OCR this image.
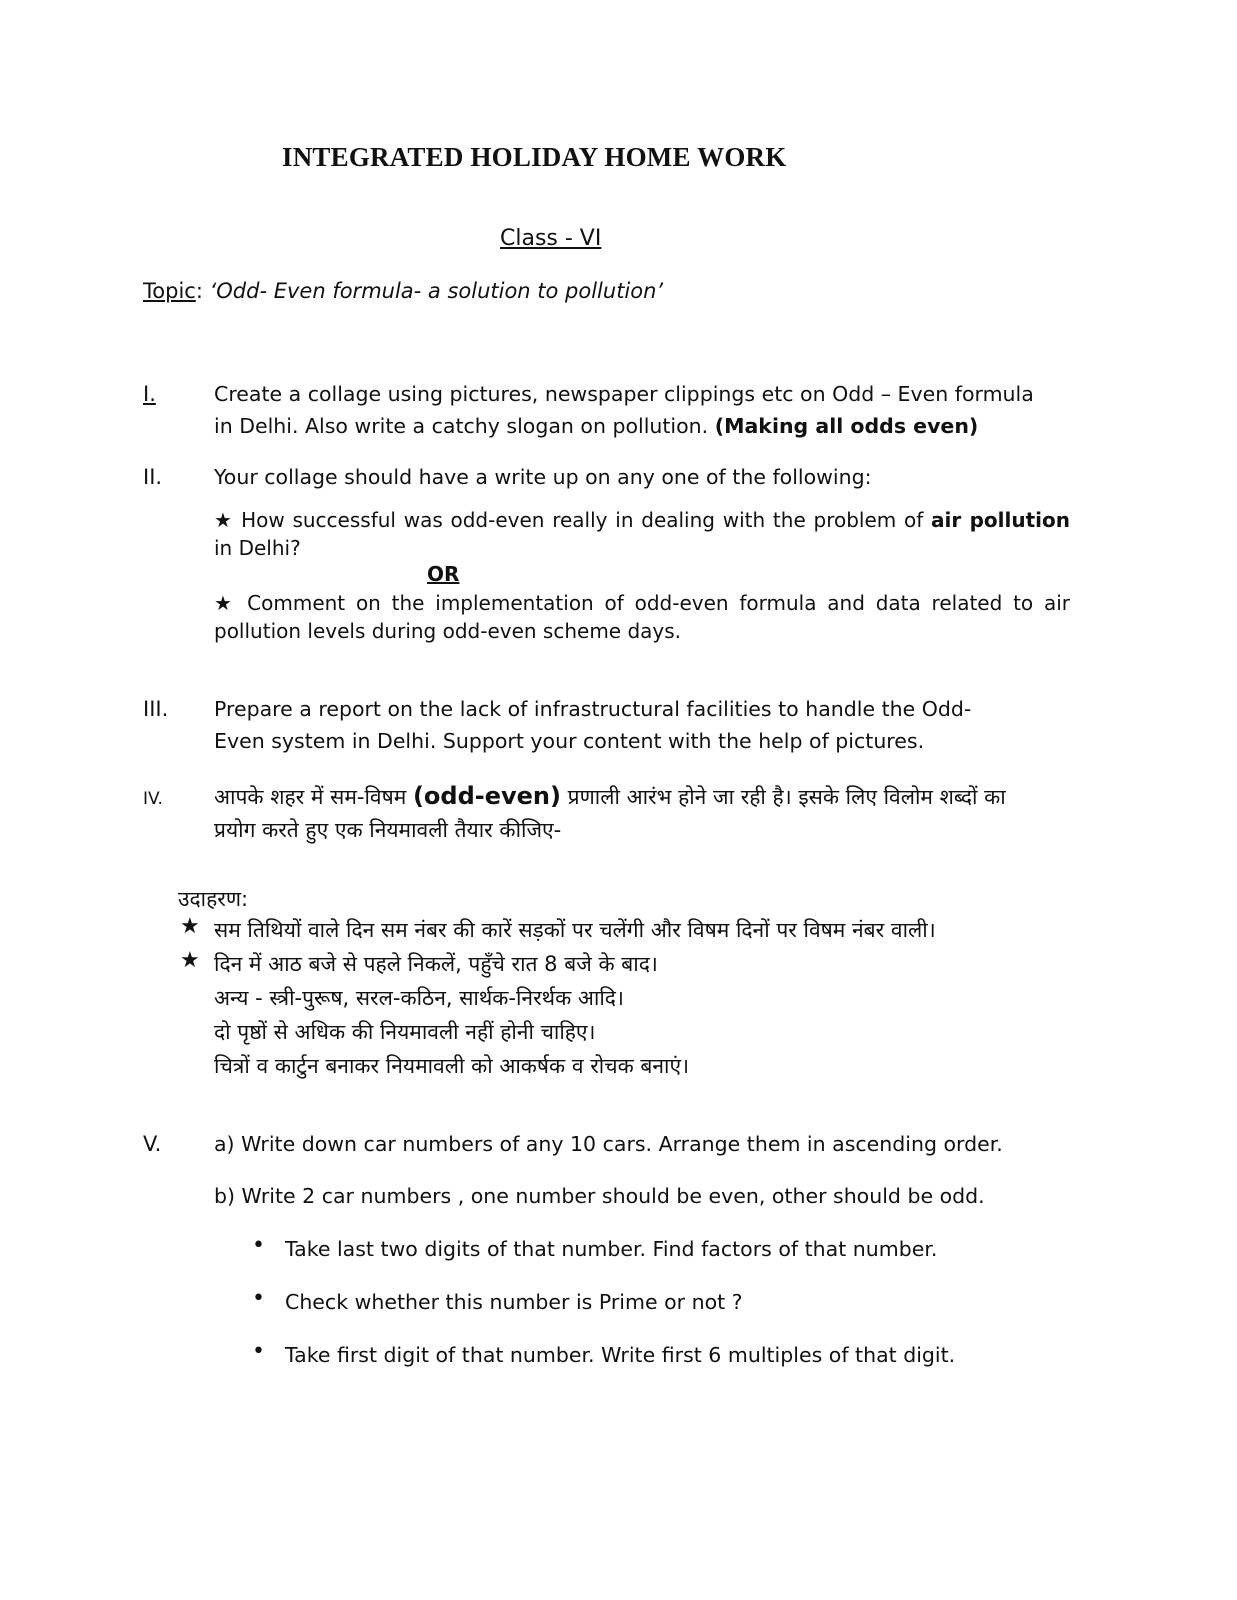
INTEGRATED HOLIDAY HOME WORK
Class - VI
Topic: ‘Odd- Even formula- a solution to pollution’
I.	Create a collage using pictures, newspaper clippings etc on Odd – Even formula
in Delhi. Also write a catchy slogan on pollution. (Making all odds even)
II.	Your collage should have a write up on any one of the following:
★ How successful was odd-even really in dealing with the problem of air pollution in Delhi?
OR
★ Comment on the implementation of odd-even formula and data related to air pollution levels during odd-even scheme days.
III. Prepare a report on the lack of infrastructural facilities to handle the Odd-
Even system in Delhi. Support your content with the help of pictures.
IV. आपके शहर में सम-विषम (odd-even) प्रणाली आरंभ होने जा रही है। इसके लिए विलोम शब्दों का
प्रयोग करते हुए एक नियमावली तैयार कीजिए-
उदाहरण:
★ सम तिथियों वाले दिन सम नंबर की कारें सड़कों पर चलेंगी और विषम दिनों पर विषम नंबर वाली।
★ दिन में आठ बजे से पहले निकलें, पहुँचे रात 8 बजे के बाद।
अन्य - स्त्री-पुरूष, सरल-कठिन, सार्थक-निरर्थक आदि।
दो पृष्ठों से अधिक की नियमावली नहीं होनी चाहिए।
चित्रों व कार्टुन बनाकर नियमावली को आकर्षक व रोचक बनाएं।
V.	a) Write down car numbers of any 10 cars. Arrange them in ascending order.
b) Write 2 car numbers , one number should be even, other should be odd.
• Take last two digits of that number. Find factors of that number.
• Check whether this number is Prime or not ?
• Take first digit of that number. Write first 6 multiples of that digit.
